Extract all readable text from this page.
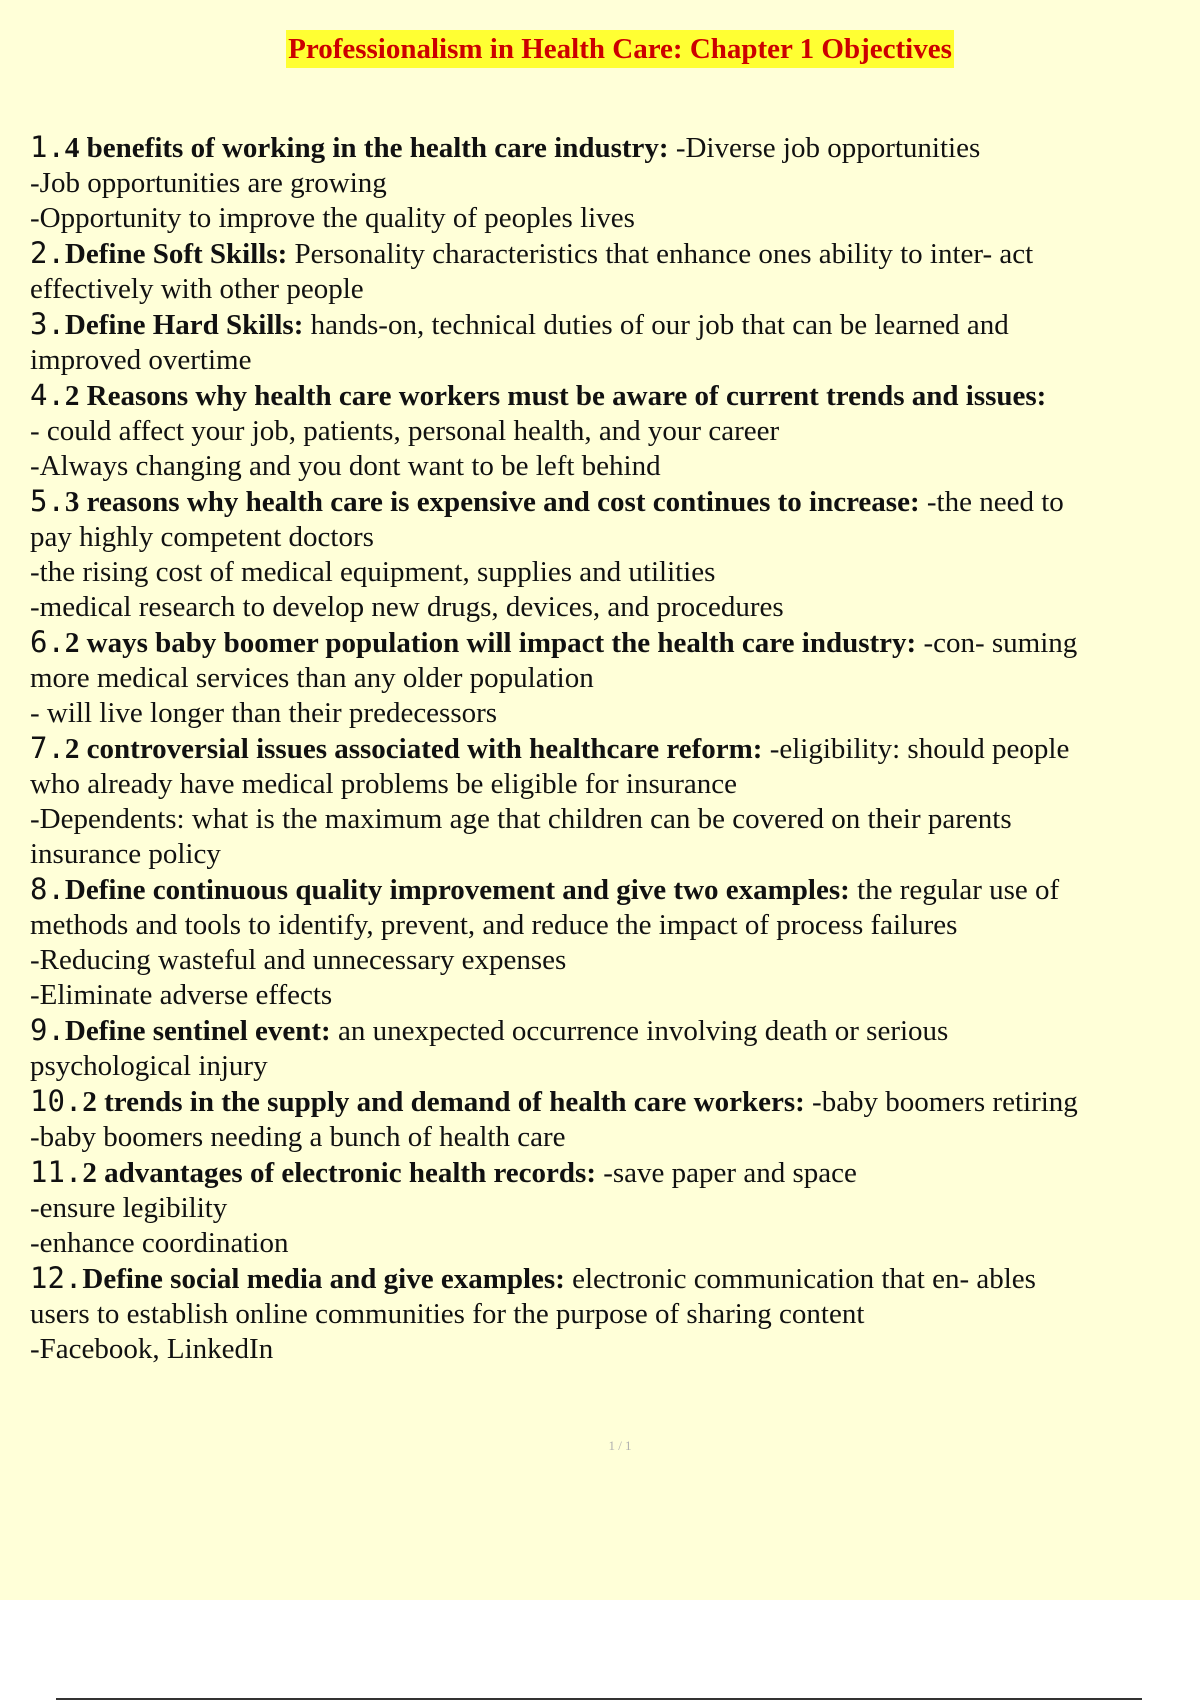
Professionalism in Health Care: Chapter 1 Objectives
1.4 benefits of working in the health care industry: -Diverse job opportunities
-Job opportunities are growing
-Opportunity to improve the quality of peoples lives
2.Define Soft Skills: Personality characteristics that enhance ones ability to inter- act
effectively with other people
3.Define Hard Skills: hands-on, technical duties of our job that can be learned and
improved overtime
4.2 Reasons why health care workers must be aware of current trends and issues:
- could affect your job, patients, personal health, and your career
-Always changing and you dont want to be left behind
5.3 reasons why health care is expensive and cost continues to increase: -the need to
pay highly competent doctors
-the rising cost of medical equipment, supplies and utilities
-medical research to develop new drugs, devices, and procedures
6.2 ways baby boomer population will impact the health care industry: -con- suming
more medical services than any older population
- will live longer than their predecessors
7.2 controversial issues associated with healthcare reform: -eligibility: should people
who already have medical problems be eligible for insurance
-Dependents: what is the maximum age that children can be covered on their parents
insurance policy
8.Define continuous quality improvement and give two examples: the regular use of
methods and tools to identify, prevent, and reduce the impact of process failures
-Reducing wasteful and unnecessary expenses
-Eliminate adverse effects
9.Define sentinel event: an unexpected occurrence involving death or serious
psychological injury
10.2 trends in the supply and demand of health care workers: -baby boomers retiring
-baby boomers needing a bunch of health care
11.2 advantages of electronic health records: -save paper and space
-ensure legibility
-enhance coordination
12.Define social media and give examples: electronic communication that en- ables
users to establish online communities for the purpose of sharing content
-Facebook, LinkedIn
1 / 1
